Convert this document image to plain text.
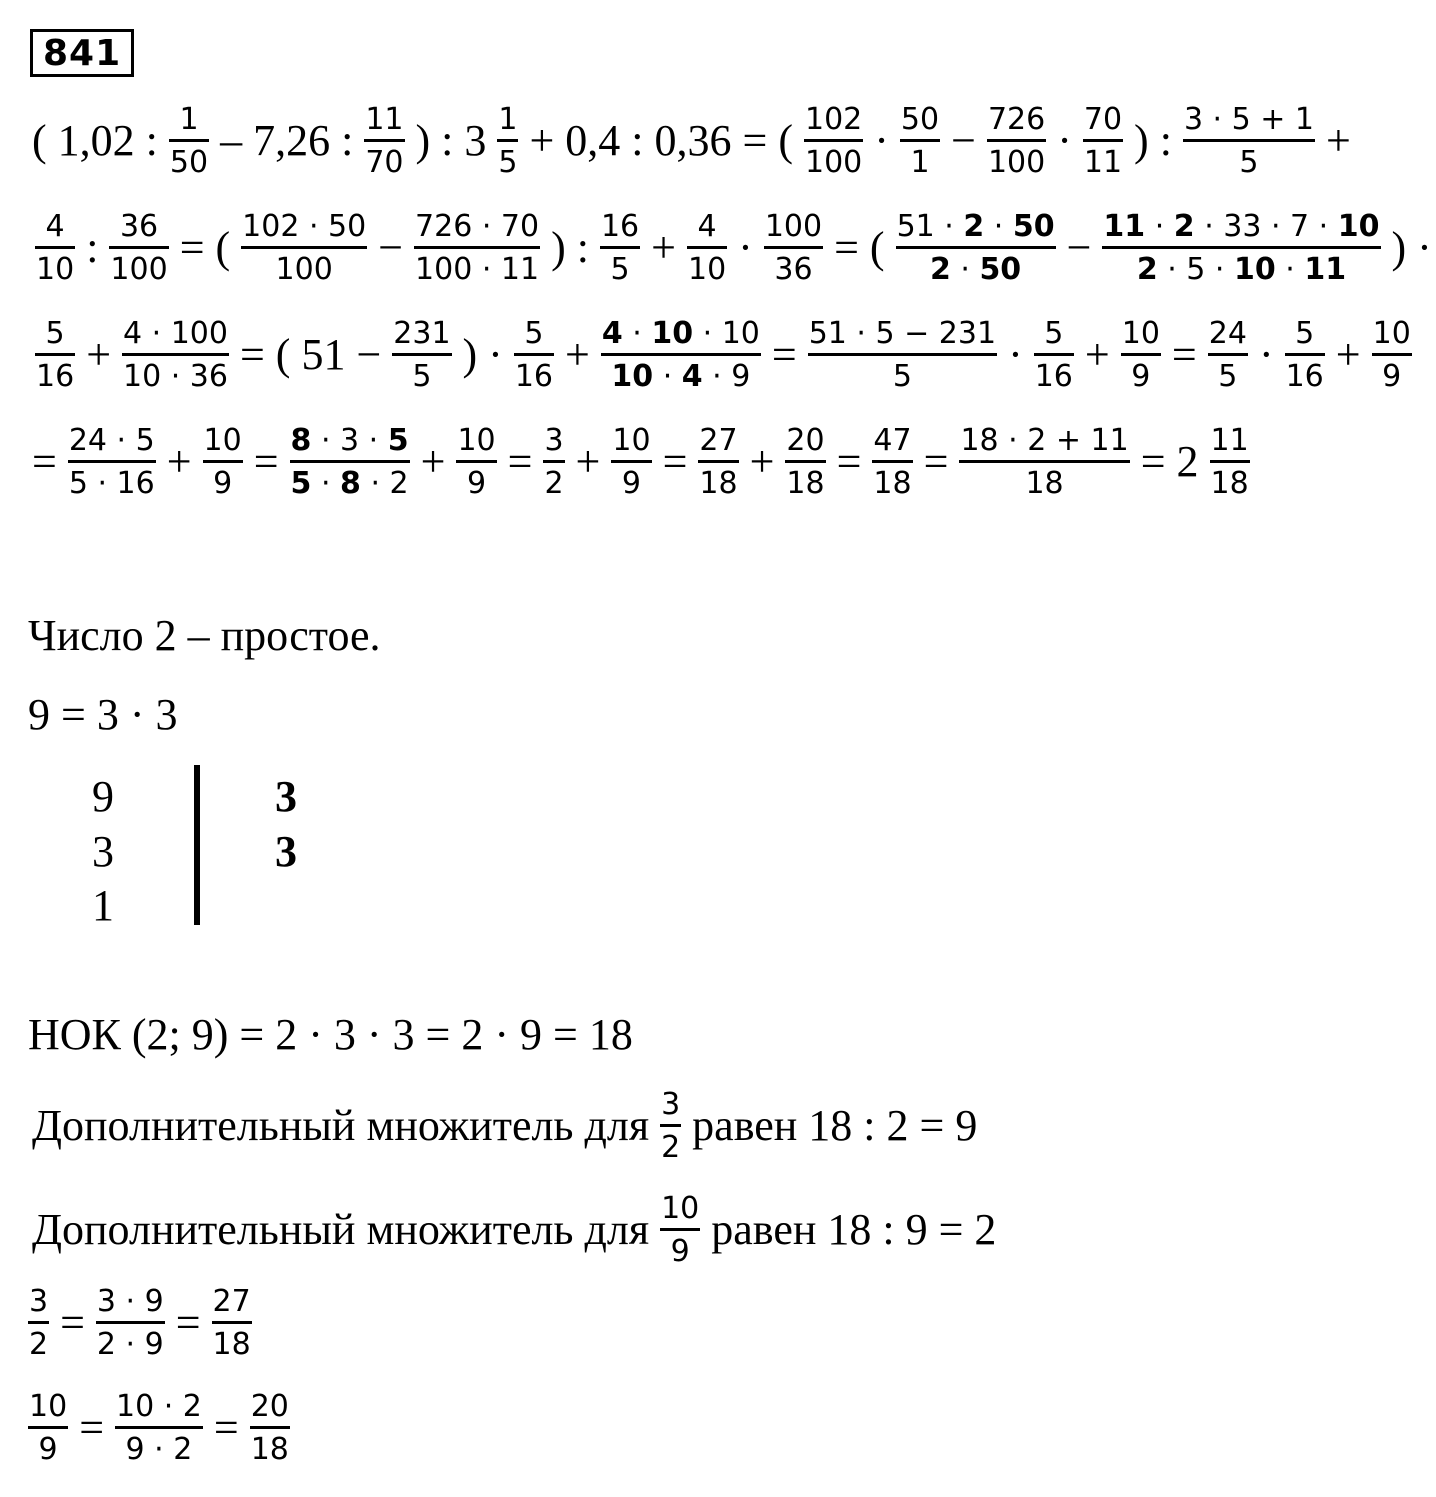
841
( 1,02 : $\frac{1}{50} - 7,26$ : $\frac{11}{70}$ ) : $3 \frac{1}{5} + 0,4$ : 0,36 = ( $\frac{102}{100} \cdot \frac{50}{1} - \frac{726}{100} \cdot \frac{70}{11}$ ) : $\frac{3 \cdot 5 + 1}{5}$ +
$\frac{4}{10}$ : $\frac{36}{100}$ = ( $\frac{102 \cdot 50}{100} - \frac{726 \cdot 70}{100 \cdot 11}$ ) : $\frac{16}{5} + \frac{4}{10} \cdot \frac{100}{36}$ = ( $\frac{51 \cdot 2 \cdot 50}{2 \cdot 50} - \frac{11 \cdot 2 \cdot 33 \cdot 7 \cdot 10}{2 \cdot 5 \cdot 10 \cdot 11}$ ) ·
$\frac{5}{16} + \frac{4 \cdot 100}{10 \cdot 36}$ = ( $51 - \frac{231}{5}$ ) · $\frac{5}{16} + \frac{4 \cdot 10 \cdot 10}{10 \cdot 4 \cdot 9} = \frac{51 \cdot 5 - 231}{5} \cdot \frac{5}{16} + \frac{10}{9} = \frac{24}{5} \cdot \frac{5}{16} + \frac{10}{9}$
= $\frac{24 \cdot 5}{5 \cdot 16} + \frac{10}{9} = \frac{8 \cdot 3 \cdot 5}{5 \cdot 8 \cdot 2} + \frac{10}{9} = \frac{3}{2} + \frac{10}{9} = \frac{27}{18} + \frac{20}{18} = \frac{47}{18} = \frac{18 \cdot 2 + 11}{18} = 2 \frac{11}{18}$
Число 2 – простое.
9 = 3 · 3
9
3
1
3
3
НОК (2; 9) = 2 · 3 · 3 = 2 · 9 = 18
Дополнительный множитель для $\frac{3}{2}$ равен 18 : 2 = 9
Дополнительный множитель для $\frac{10}{9}$ равен 18 : 9 = 2
$\frac{3}{2} = \frac{3 \cdot 9}{2 \cdot 9} = \frac{27}{18}$
$\frac{10}{9} = \frac{10 \cdot 2}{9 \cdot 2} = \frac{20}{18}$
